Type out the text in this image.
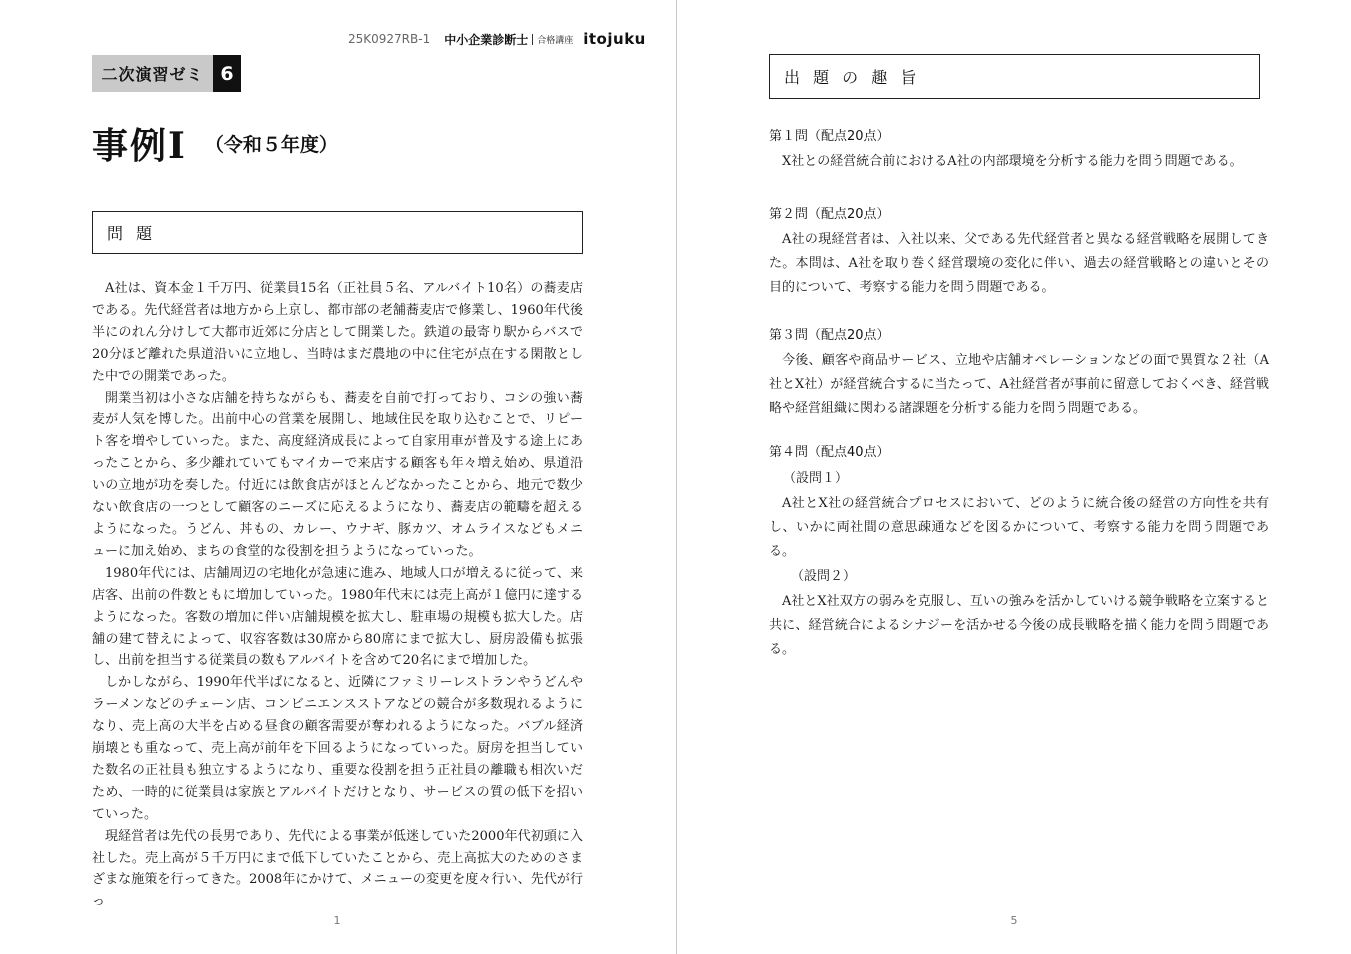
25K0927RB-1 中小企業診断士 合格講座 itojuku
二次演習ゼミ 6
事例Ⅰ （令和５年度）
問 題

A社は、資本金１千万円、従業員15名（正社員５名、アルバイト10名）の蕎麦店である。先代経営者は地方から上京し、都市部の老舗蕎麦店で修業し、1960年代後半にのれん分けして大都市近郊に分店として開業した。鉄道の最寄り駅からバスで20分ほど離れた県道沿いに立地し、当時はまだ農地の中に住宅が点在する閑散とした中での開業であった。

開業当初は小さな店舗を持ちながらも、蕎麦を自前で打っており、コシの強い蕎麦が人気を博した。出前中心の営業を展開し、地域住民を取り込むことで、リピート客を増やしていった。また、高度経済成長によって自家用車が普及する途上にあったことから、多少離れていてもマイカーで来店する顧客も年々増え始め、県道沿いの立地が功を奏した。付近には飲食店がほとんどなかったことから、地元で数少ない飲食店の一つとして顧客のニーズに応えるようになり、蕎麦店の範疇を超えるようになった。うどん、丼もの、カレー、ウナギ、豚カツ、オムライスなどもメニューに加え始め、まちの食堂的な役割を担うようになっていった。

1980年代には、店舗周辺の宅地化が急速に進み、地域人口が増えるに従って、来店客、出前の件数ともに増加していった。1980年代末には売上高が１億円に達するようになった。客数の増加に伴い店舗規模を拡大し、駐車場の規模も拡大した。店舗の建て替えによって、収容客数は30席から80席にまで拡大し、厨房設備も拡張し、出前を担当する従業員の数もアルバイトを含めて20名にまで増加した。

しかしながら、1990年代半ばになると、近隣にファミリーレストランやうどんやラーメンなどのチェーン店、コンビニエンスストアなどの競合が多数現れるようになり、売上高の大半を占める昼食の顧客需要が奪われるようになった。バブル経済崩壊とも重なって、売上高が前年を下回るようになっていった。厨房を担当していた数名の正社員も独立するようになり、重要な役割を担う正社員の離職も相次いだため、一時的に従業員は家族とアルバイトだけとなり、サービスの質の低下を招いていった。

現経営者は先代の長男であり、先代による事業が低迷していた2000年代初頭に入社した。売上高が５千万円にまで低下していたことから、売上高拡大のためのさまざまな施策を行ってきた。2008年にかけて、メニューの変更を度々行い、先代が行っ

1
出 題 の 趣 旨
第１問（配点20点）
X社との経営統合前におけるA社の内部環境を分析する能力を問う問題である。
第２問（配点20点）
A社の現経営者は、入社以来、父である先代経営者と異なる経営戦略を展開してきた。本問は、A社を取り巻く経営環境の変化に伴い、過去の経営戦略との違いとその目的について、考察する能力を問う問題である。
第３問（配点20点）
今後、顧客や商品サービス、立地や店舗オペレーションなどの面で異質な２社（A社とX社）が経営統合するに当たって、A社経営者が事前に留意しておくべき、経営戦略や経営組織に関わる諸課題を分析する能力を問う問題である。
第４問（配点40点）
（設問１）
A社とX社の経営統合プロセスにおいて、どのように統合後の経営の方向性を共有し、いかに両社間の意思疎通などを図るかについて、考察する能力を問う問題である。
（設問２）
A社とX社双方の弱みを克服し、互いの強みを活かしていける競争戦略を立案すると共に、経営統合によるシナジーを活かせる今後の成長戦略を描く能力を問う問題である。
5
